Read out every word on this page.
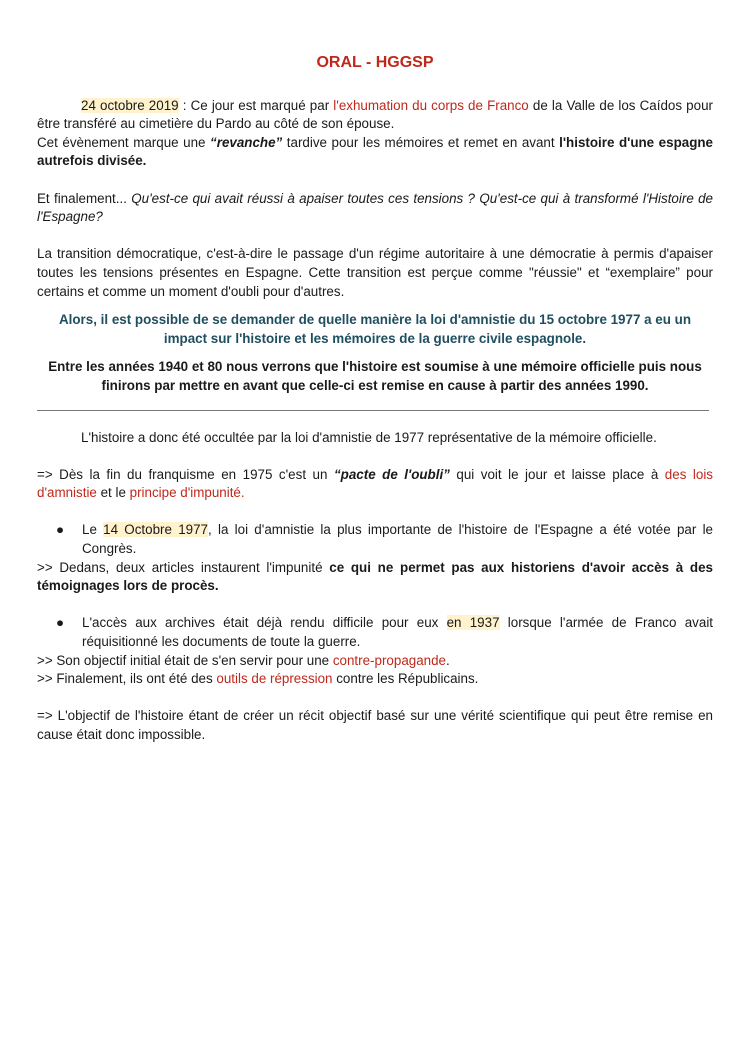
ORAL - HGGSP

24 octobre 2019 : Ce jour est marqué par l'exhumation du corps de Franco de la Valle de los Caídos pour être transféré au cimetière du Pardo au côté de son épouse.

Cet évènement marque une “revanche” tardive pour les mémoires et remet en avant l'histoire d'une espagne autrefois divisée.

Et finalement... Qu'est-ce qui avait réussi à apaiser toutes ces tensions ? Qu'est-ce qui à transformé l'Histoire de l'Espagne?

La transition démocratique, c'est-à-dire le passage d'un régime autoritaire à une démocratie à permis d'apaiser toutes les tensions présentes en Espagne. Cette transition est perçue comme "réussie" et “exemplaire” pour certains et comme un moment d'oubli pour d'autres.

Alors, il est possible de se demander de quelle manière la loi d'amnistie du 15 octobre 1977 a eu un impact sur l'histoire et les mémoires de la guerre civile espagnole.

Entre les années 1940 et 80 nous verrons que l'histoire est soumise à une mémoire officielle puis nous finirons par mettre en avant que celle-ci est remise en cause à partir des années 1990.

L'histoire a donc été occultée par la loi d'amnistie de 1977 représentative de la mémoire officielle.

=> Dès la fin du franquisme en 1975 c'est un “pacte de l'oubli” qui voit le jour et laisse place à des lois d'amnistie et le principe d'impunité.

● Le 14 Octobre 1977, la loi d'amnistie la plus importante de l'histoire de l'Espagne a été votée par le Congrès.

>> Dedans, deux articles instaurent l'impunité ce qui ne permet pas aux historiens d'avoir accès à des témoignages lors de procès.

● L'accès aux archives était déjà rendu difficile pour eux en 1937 lorsque l'armée de Franco avait réquisitionné les documents de toute la guerre.

>> Son objectif initial était de s'en servir pour une contre-propagande.

>> Finalement, ils ont été des outils de répression contre les Républicains.

=> L'objectif de l'histoire étant de créer un récit objectif basé sur une vérité scientifique qui peut être remise en cause était donc impossible.
